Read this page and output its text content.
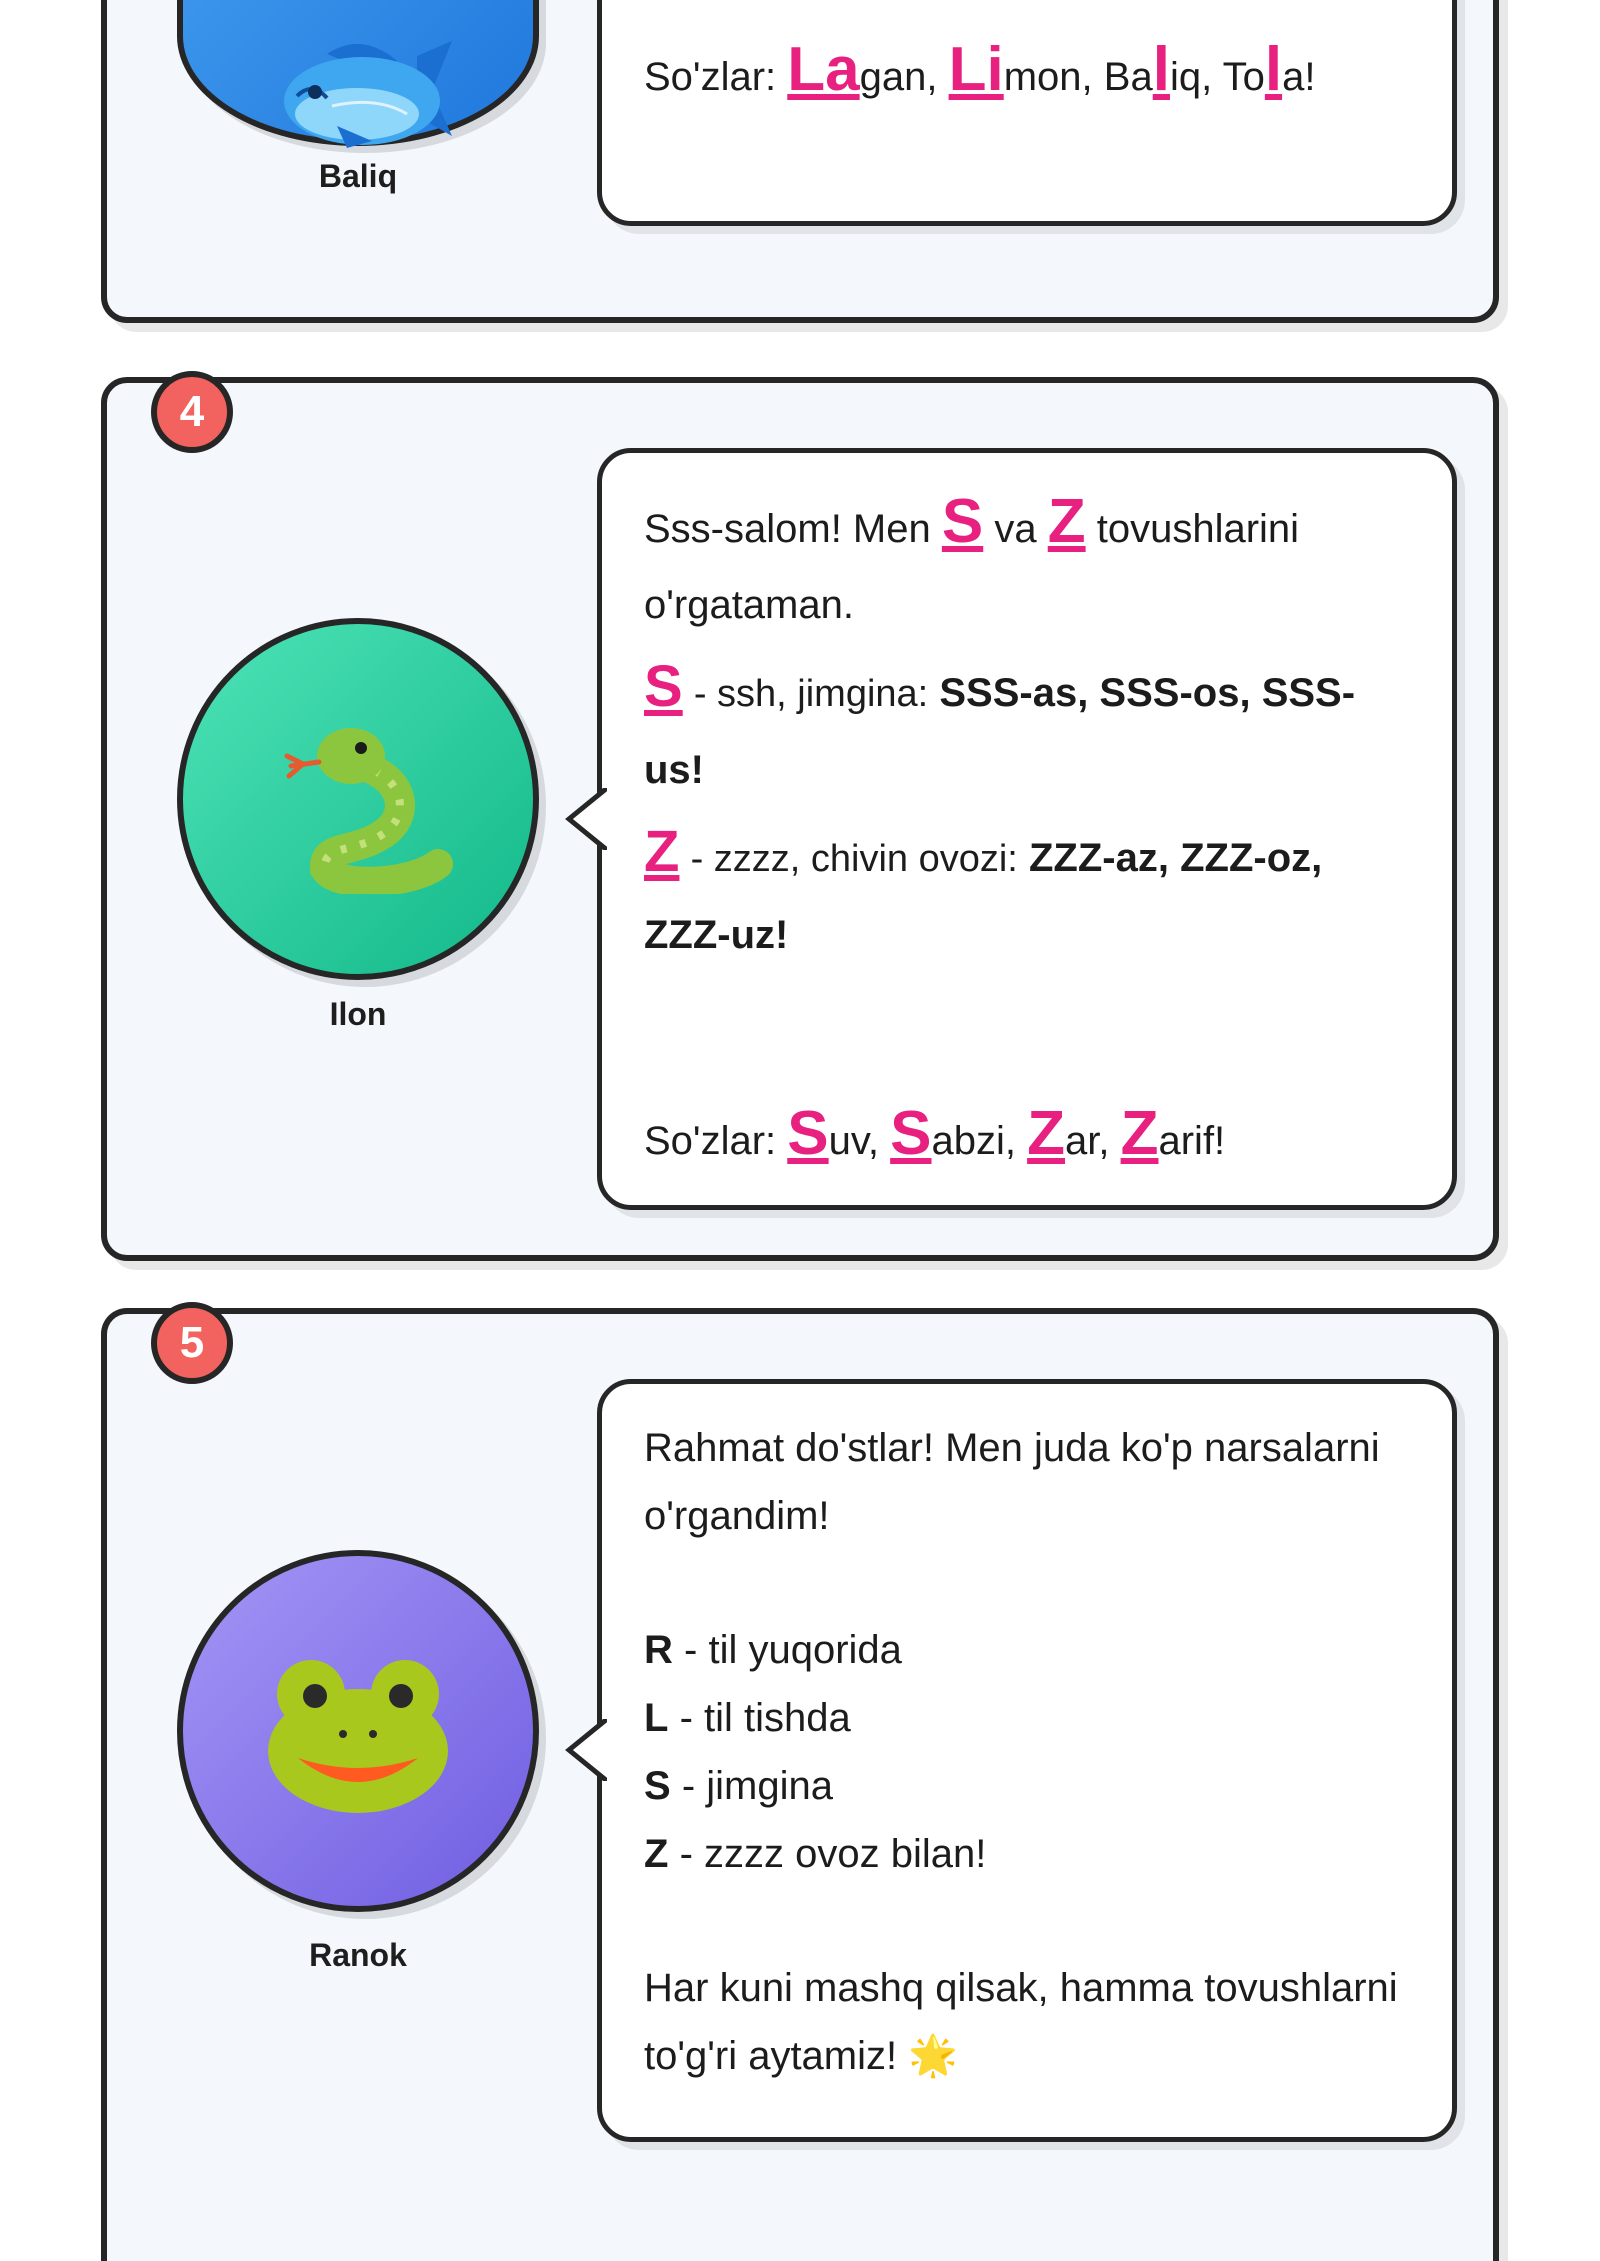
Baliq
So'zlar: Lagan, Limon, Baliq, Tola!
4
Ilon
Sss-salom! Men S va Z tovushlarini o'rgataman.
S - ssh, jimgina: SSS-as, SSS-os, SSS-us!
Z - zzzz, chivin ovozi: ZZZ-az, ZZZ-oz, ZZZ-uz!
So'zlar: Suv, Sabzi, Zar, Zarif!
5
Ranok
Rahmat do'stlar! Men juda ko'p narsalarni o'rgandim!
R - til yuqorida
L - til tishda
S - jimgina
Z - zzzz ovoz bilan!
Har kuni mashq qilsak, hamma tovushlarni to'g'ri aytamiz! 🌟
